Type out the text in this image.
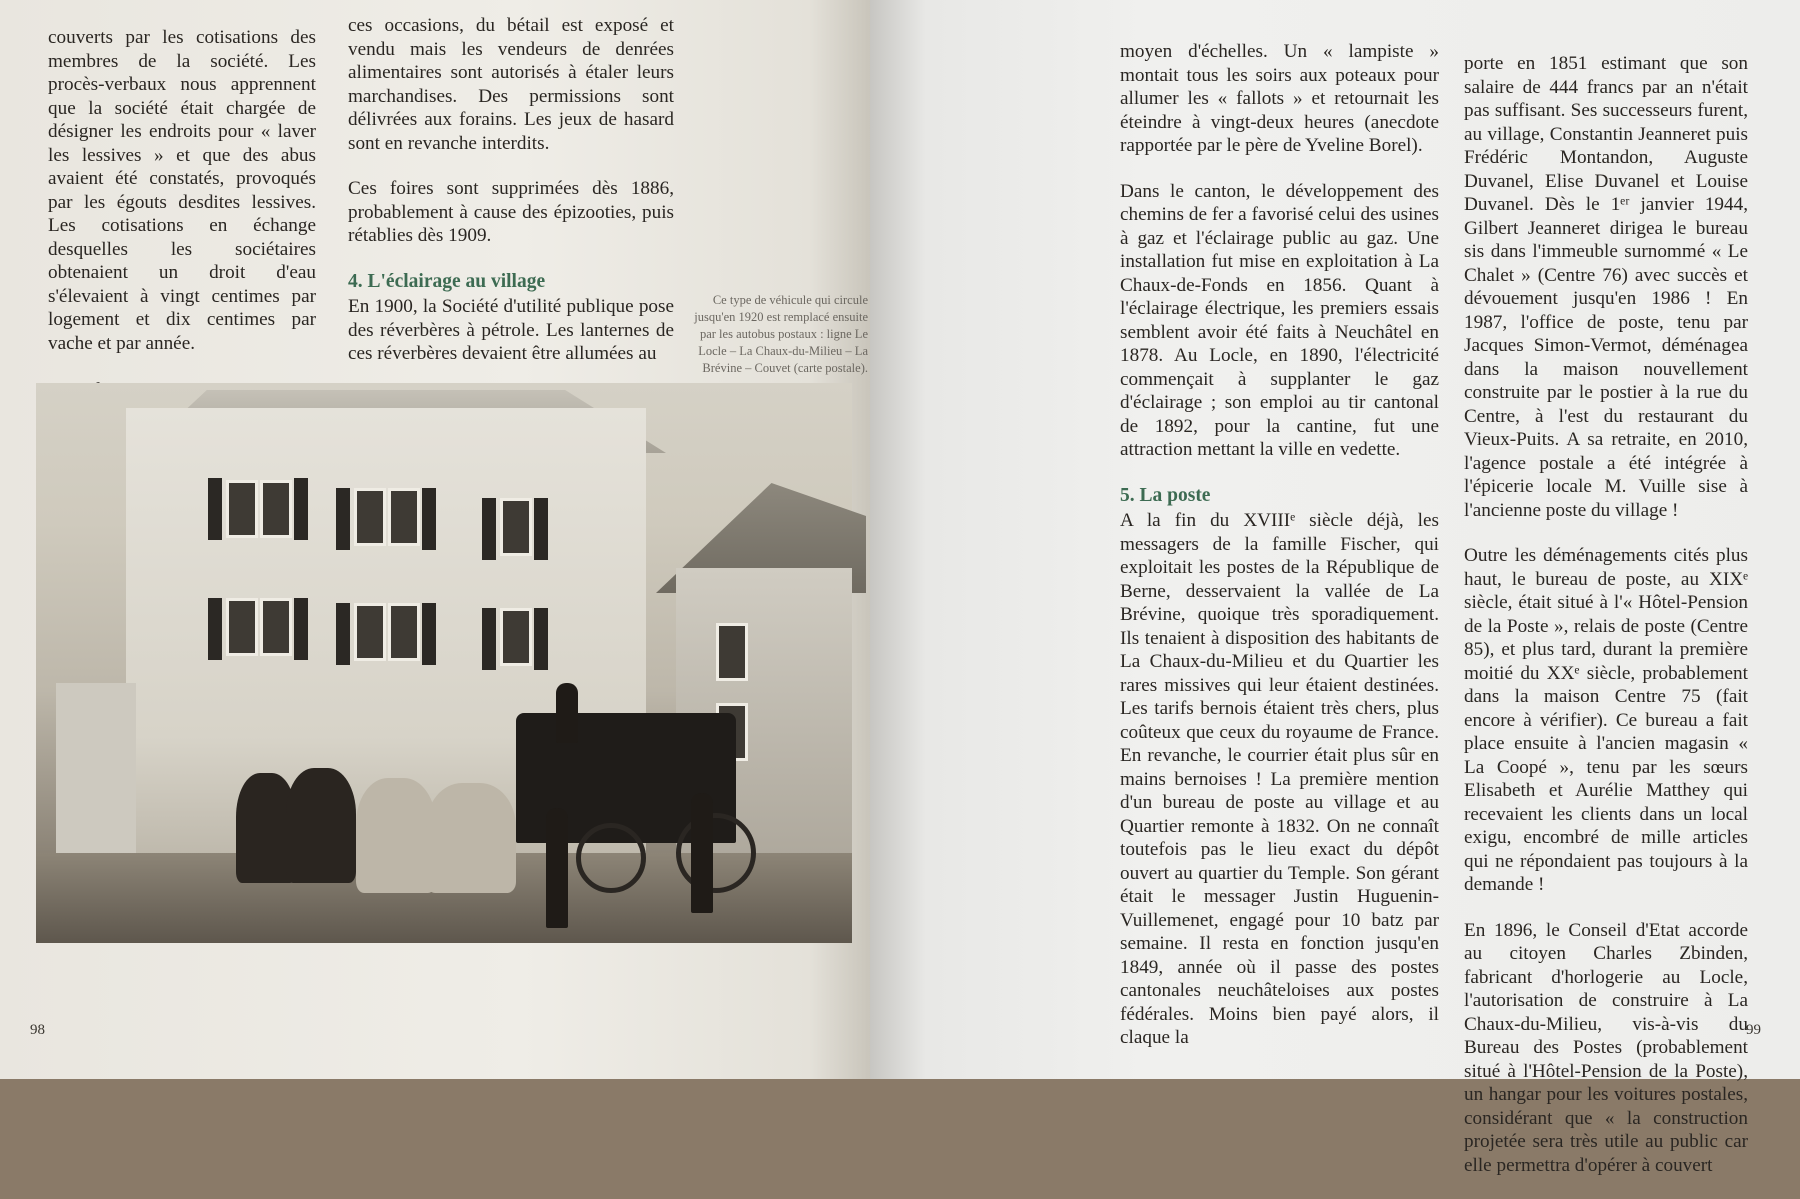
couverts par les cotisations des membres de la société. Les procès-verbaux nous apprennent que la société était chargée de désigner les endroits pour « laver les lessives » et que des abus avaient été constatés, provoqués par les égouts desdites lessives. Les cotisations en échange desquelles les sociétaires obtenaient un droit d'eau s'élevaient à vingt centimes par logement et dix centimes par vache et par année.

ces occasions, du bétail est exposé et vendu mais les vendeurs de denrées alimentaires sont autorisés à étaler leurs marchandises. Des permissions sont délivrées aux forains. Les jeux de hasard sont en revanche interdits.

Ces foires sont supprimées dès 1886, probablement à cause des épizooties, puis rétablies dès 1909.

4. L'éclairage au village

En 1900, la Société d'utilité publique pose des réverbères à pétrole. Les lanternes de ces réverbères devaient être allumées au

Ce type de véhicule qui circule jusqu'en 1920 est remplacé ensuite par les autobus postaux : ligne Le Locle – La Chaux-du-Milieu – La Brévine – Couvet (carte postale).
98

moyen d'échelles. Un « lampiste » montait tous les soirs aux poteaux pour allumer les « fallots » et retournait les éteindre à vingt-deux heures (anecdote rapportée par le père de Yveline Borel).

Dans le canton, le développement des chemins de fer a favorisé celui des usines à gaz et l'éclairage public au gaz. Une installation fut mise en exploitation à La Chaux-de-Fonds en 1856. Quant à l'éclairage électrique, les premiers essais semblent avoir été faits à Neuchâtel en 1878. Au Locle, en 1890, l'électricité commençait à supplanter le gaz d'éclairage ; son emploi au tir cantonal de 1892, pour la cantine, fut une attraction mettant la ville en vedette.

5. La poste

A la fin du XVIIIᵉ siècle déjà, les messagers de la famille Fischer, qui exploitait les postes de la République de Berne, desservaient la vallée de La Brévine, quoique très sporadiquement. Ils tenaient à disposition des habitants de La Chaux-du-Milieu et du Quartier les rares missives qui leur étaient destinées. Les tarifs bernois étaient très chers, plus coûteux que ceux du royaume de France. En revanche, le courrier était plus sûr en mains bernoises ! La première mention d'un bureau de poste au village et au Quartier remonte à 1832. On ne connaît toutefois pas le lieu exact du dépôt ouvert au quartier du Temple. Son gérant était le messager Justin Huguenin-Vuillemenet, engagé pour 10 batz par semaine. Il resta en fonction jusqu'en 1849, année où il passe des postes cantonales neuchâteloises aux postes fédérales. Moins bien payé alors, il claque la

porte en 1851 estimant que son salaire de 444 francs par an n'était pas suffisant. Ses successeurs furent, au village, Constantin Jeanneret puis Frédéric Montandon, Auguste Duvanel, Elise Duvanel et Louise Duvanel. Dès le 1ᵉʳ janvier 1944, Gilbert Jeanneret dirigea le bureau sis dans l'immeuble surnommé « Le Chalet » (Centre 76) avec succès et dévouement jusqu'en 1986 ! En 1987, l'office de poste, tenu par Jacques Simon-Vermot, déménagea dans la maison nouvellement construite par le postier à la rue du Centre, à l'est du restaurant du Vieux-Puits. A sa retraite, en 2010, l'agence postale a été intégrée à l'épicerie locale M. Vuille sise à l'ancienne poste du village !

Outre les déménagements cités plus haut, le bureau de poste, au XIXᵉ siècle, était situé à l'« Hôtel-Pension de la Poste », relais de poste (Centre 85), et plus tard, durant la première moitié du XXᵉ siècle, probablement dans la maison Centre 75 (fait encore à vérifier). Ce bureau a fait place ensuite à l'ancien magasin « La Coopé », tenu par les sœurs Elisabeth et Aurélie Matthey qui recevaient les clients dans un local exigu, encombré de mille articles qui ne répondaient pas toujours à la demande !

En 1896, le Conseil d'Etat accorde au citoyen Charles Zbinden, fabricant d'horlogerie au Locle, l'autorisation de construire à La Chaux-du-Milieu, vis-à-vis du Bureau des Postes (probablement situé à l'Hôtel-Pension de la Poste), un hangar pour les voitures postales, considérant que « la construction projetée sera très utile au public car elle permettra d'opérer à couvert

99
